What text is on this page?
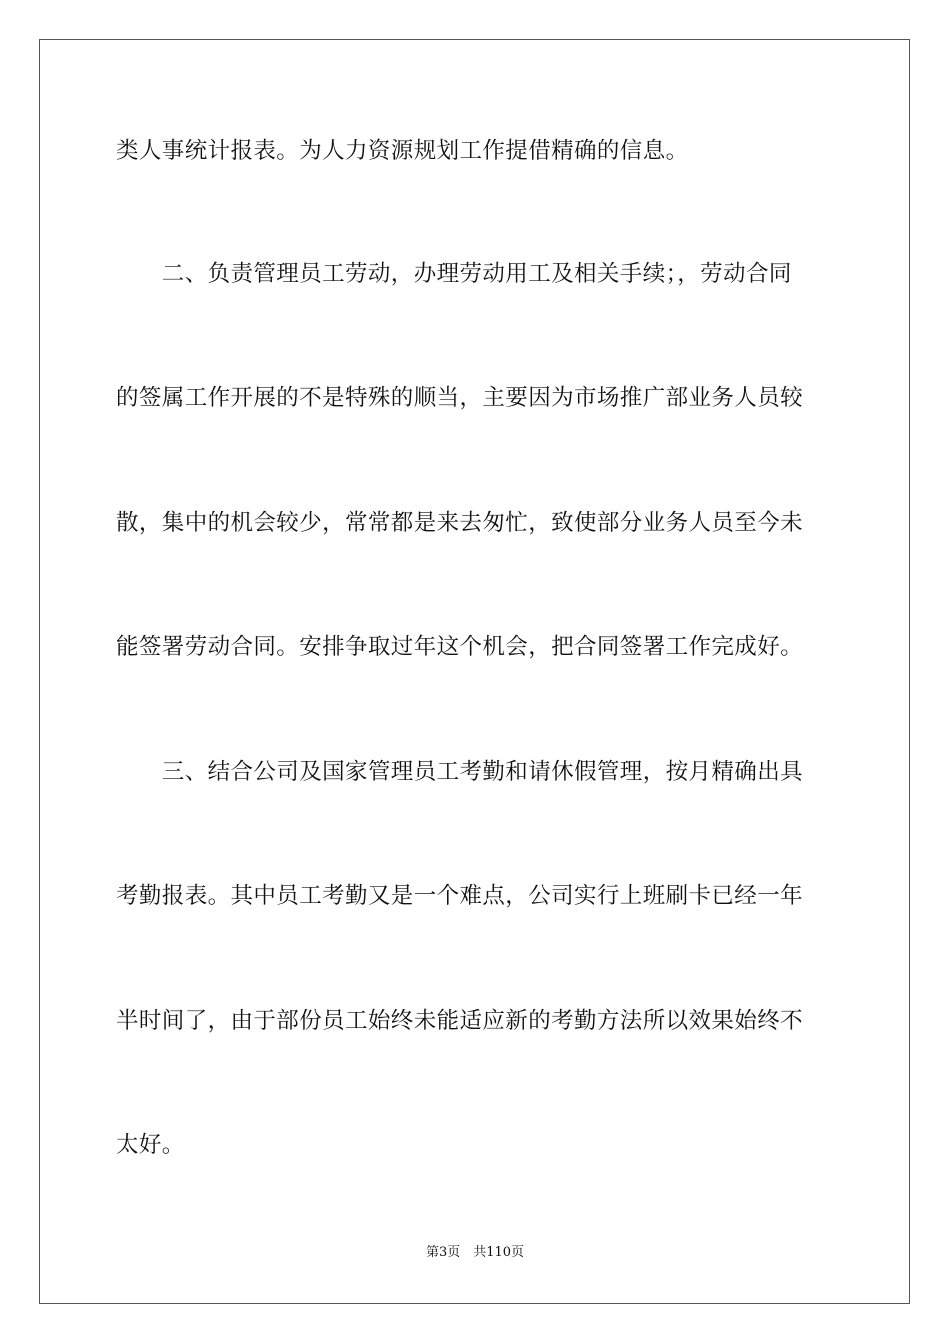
类人事统计报表。为人力资源规划工作提借精确的信息。
　　二、负责管理员工劳动，办理劳动用工及相关手续；，劳动合同
的签属工作开展的不是特殊的顺当，主要因为市场推广部业务人员较
散，集中的机会较少，常常都是来去匆忙，致使部分业务人员至今未
能签署劳动合同。安排争取过年这个机会，把合同签署工作完成好。
　　三、结合公司及国家管理员工考勤和请休假管理，按月精确出具
考勤报表。其中员工考勤又是一个难点，公司实行上班刷卡已经一年
半时间了，由于部份员工始终未能适应新的考勤方法所以效果始终不
太好。
第3页　共110页
